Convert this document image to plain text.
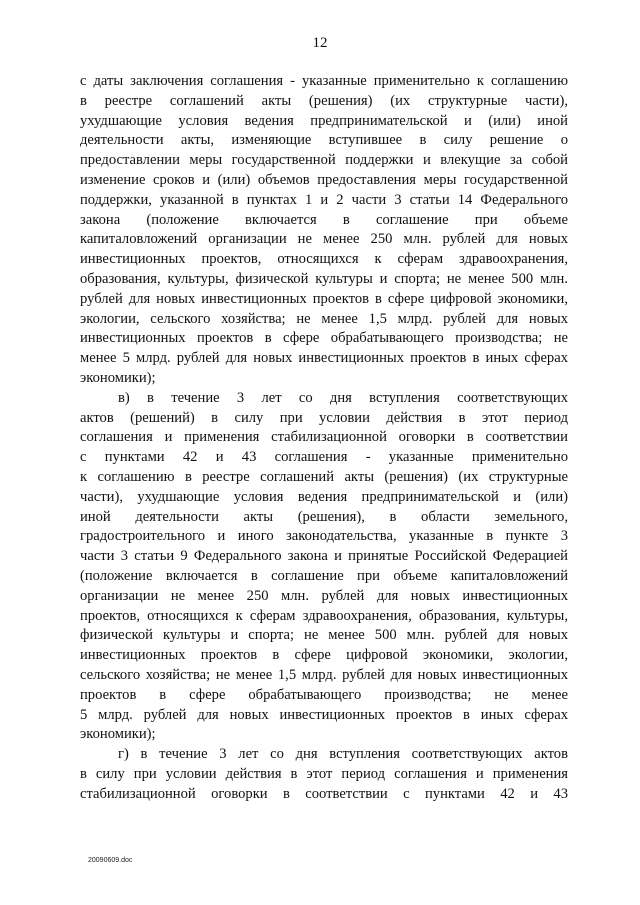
12
с даты заключения соглашения - указанные применительно к соглашению
в реестре соглашений акты (решения) (их структурные части),
ухудшающие условия ведения предпринимательской и (или) иной
деятельности акты, изменяющие вступившее в силу решение о
предоставлении меры государственной поддержки и влекущие за собой
изменение сроков и (или) объемов предоставления меры государственной
поддержки, указанной в пунктах 1 и 2 части 3 статьи 14 Федерального
закона (положение включается в соглашение при объеме
капиталовложений организации не менее 250 млн. рублей для новых
инвестиционных проектов, относящихся к сферам здравоохранения,
образования, культуры, физической культуры и спорта; не менее 500 млн.
рублей для новых инвестиционных проектов в сфере цифровой экономики,
экологии, сельского хозяйства; не менее 1,5 млрд. рублей для новых
инвестиционных проектов в сфере обрабатывающего производства; не
менее 5 млрд. рублей для новых инвестиционных проектов в иных сферах
экономики);
в) в течение 3 лет со дня вступления соответствующих
актов (решений) в силу при условии действия в этот период
соглашения и применения стабилизационной оговорки в соответствии
с пунктами 42 и 43 соглашения - указанные применительно
к соглашению в реестре соглашений акты (решения) (их структурные
части), ухудшающие условия ведения предпринимательской и (или)
иной деятельности акты (решения), в области земельного,
градостроительного и иного законодательства, указанные в пункте 3
части 3 статьи 9 Федерального закона и принятые Российской Федерацией
(положение включается в соглашение при объеме капиталовложений
организации не менее 250 млн. рублей для новых инвестиционных
проектов, относящихся к сферам здравоохранения, образования, культуры,
физической культуры и спорта; не менее 500 млн. рублей для новых
инвестиционных проектов в сфере цифровой экономики, экологии,
сельского хозяйства; не менее 1,5 млрд. рублей для новых инвестиционных
проектов в сфере обрабатывающего производства; не менее
5 млрд. рублей для новых инвестиционных проектов в иных сферах
экономики);
г) в течение 3 лет со дня вступления соответствующих актов
в силу при условии действия в этот период соглашения и применения
стабилизационной оговорки в соответствии с пунктами 42 и 43
20090609.doc
